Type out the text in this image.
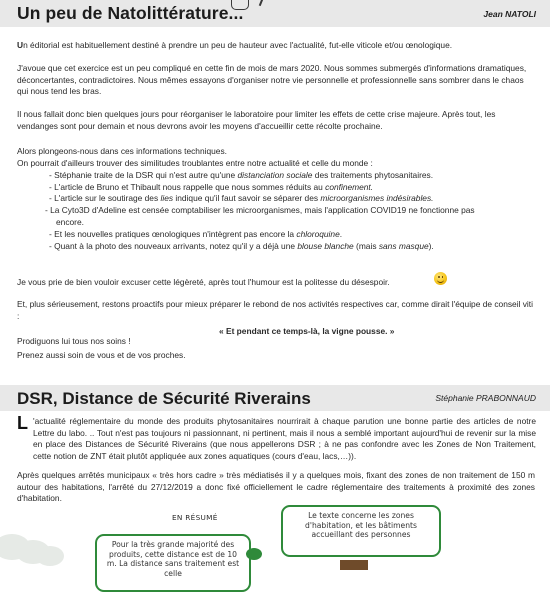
Un peu de Natolittérature...	Jean NATOLI

Un éditorial est habituellement destiné à prendre un peu de hauteur avec l'actualité, fut-elle viticole et/ou œnologique.

J'avoue que cet exercice est un peu compliqué en cette fin de mois de mars 2020. Nous sommes submergés d'informations dramatiques, déconcertantes, contradictoires. Nous mêmes essayons d'organiser notre vie personnelle et professionnelle sans sombrer dans le chaos qui nous tend les bras.

Il nous fallait donc bien quelques jours pour réorganiser le laboratoire pour limiter les effets de cette crise majeure. Après tout, les vendanges sont pour demain et nous devrons avoir les moyens d'accueillir cette récolte prochaine.

Alors plongeons-nous dans ces informations techniques.

On pourrait d'ailleurs trouver des similitudes troublantes entre notre actualité et celle du monde :

- Stéphanie traite de la DSR qui n'est autre qu'une distanciation sociale des traitements phytosanitaires.
- L'article de Bruno et Thibault nous rappelle que nous sommes réduits au confinement.
- L'article sur le soutirage des lies indique qu'il faut savoir se séparer des microorganismes indésirables.
- La Cyto3D d'Adeline est censée comptabiliser les microorganismes, mais l'application COVID19 ne fonctionne pas
encore.
- Et les nouvelles pratiques œnologiques n'intègrent pas encore la chloroquine.
- Quant à la photo des nouveaux arrivants, notez qu'il y a déjà une blouse blanche (mais sans masque).

Je vous prie de bien vouloir excuser cette légèreté, après tout l'humour est la politesse du désespoir.

Et, plus sérieusement, restons proactifs pour mieux préparer le rebond de nos activités respectives car, comme dirait l'équipe de conseil viti :

« Et pendant ce temps-là, la vigne pousse. »

Prodiguons lui tous nos soins !

Prenez aussi soin de vous et de vos proches.

DSR, Distance de Sécurité Riverains	Stéphanie PRABONNAUD
L 'actualité réglementaire du monde des produits phytosanitaires nourrirait à chaque parution une bonne partie des articles de notre Lettre du labo. .. Tout n'est pas toujours ni passionnant, ni pertinent, mais il nous a semblé important aujourd'hui de revenir sur la mise en place des Distances de Sécurité Riverains (que nous appellerons DSR ; à ne pas confondre avec les Zones de Non Traitement, cette notion de ZNT était plutôt appliquée aux zones aquatiques (cours d'eau, lacs,…)).

Après quelques arrêtés municipaux « très hors cadre » très médiatisés il y a quelques mois, fixant des zones de non traitement de 150 m autour des habitations, l'arrêté du 27/12/2019 a donc fixé officiellement le cadre réglementaire des traitements à proximité des zones d'habitation.

EN RÉSUMÉ	Le texte concerne les zones d'habitation, et les bâtiments accueillant des personnes
Pour la très grande majorité des produits, cette distance est de 10 m. La distance sans traitement est celle
